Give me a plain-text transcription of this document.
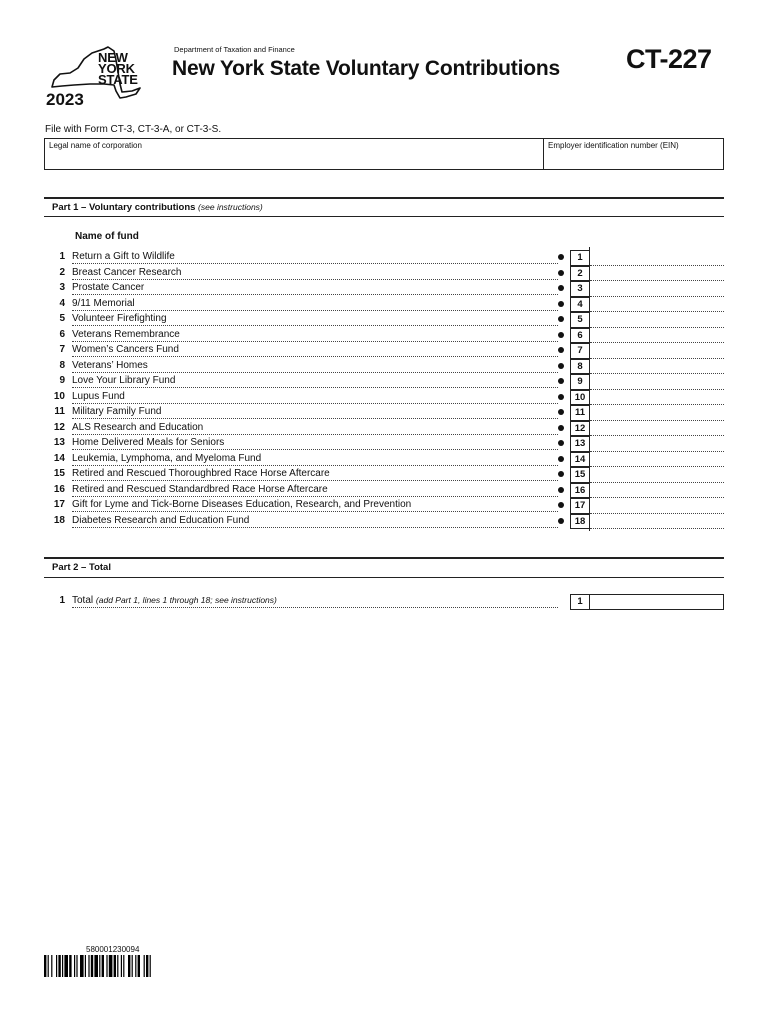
NEW
YORK
STATE
2023
Department of Taxation and Finance
New York State Voluntary Contributions CT-227
File with Form CT-3, CT-3-A, or CT-3-S.
Legal name of corporation	Employer identification number (EIN)
Part 1 – Voluntary contributions (see instructions)
Name of fund
1 Return a Gift to Wildlife	1
2 Breast Cancer Research	2
3 Prostate Cancer	3
4 9/11 Memorial	4
5 Volunteer Firefighting	5
6 Veterans Remembrance	6
7 Women’s Cancers Fund	7
8 Veterans’ Homes	8
9 Love Your Library Fund	9
10 Lupus Fund	10
11 Military Family Fund	11
12 ALS Research and Education	12
13 Home Delivered Meals for Seniors	13
14 Leukemia, Lymphoma, and Myeloma Fund	14
15 Retired and Rescued Thoroughbred Race Horse Aftercare	15
16 Retired and Rescued Standardbred Race Horse Aftercare	16
17 Gift for Lyme and Tick-Borne Diseases Education, Research, and Prevention	17
18 Diabetes Research and Education Fund	18
Part 2 – Total
1 Total (add Part 1, lines 1 through 18; see instructions)	1
580001230094
